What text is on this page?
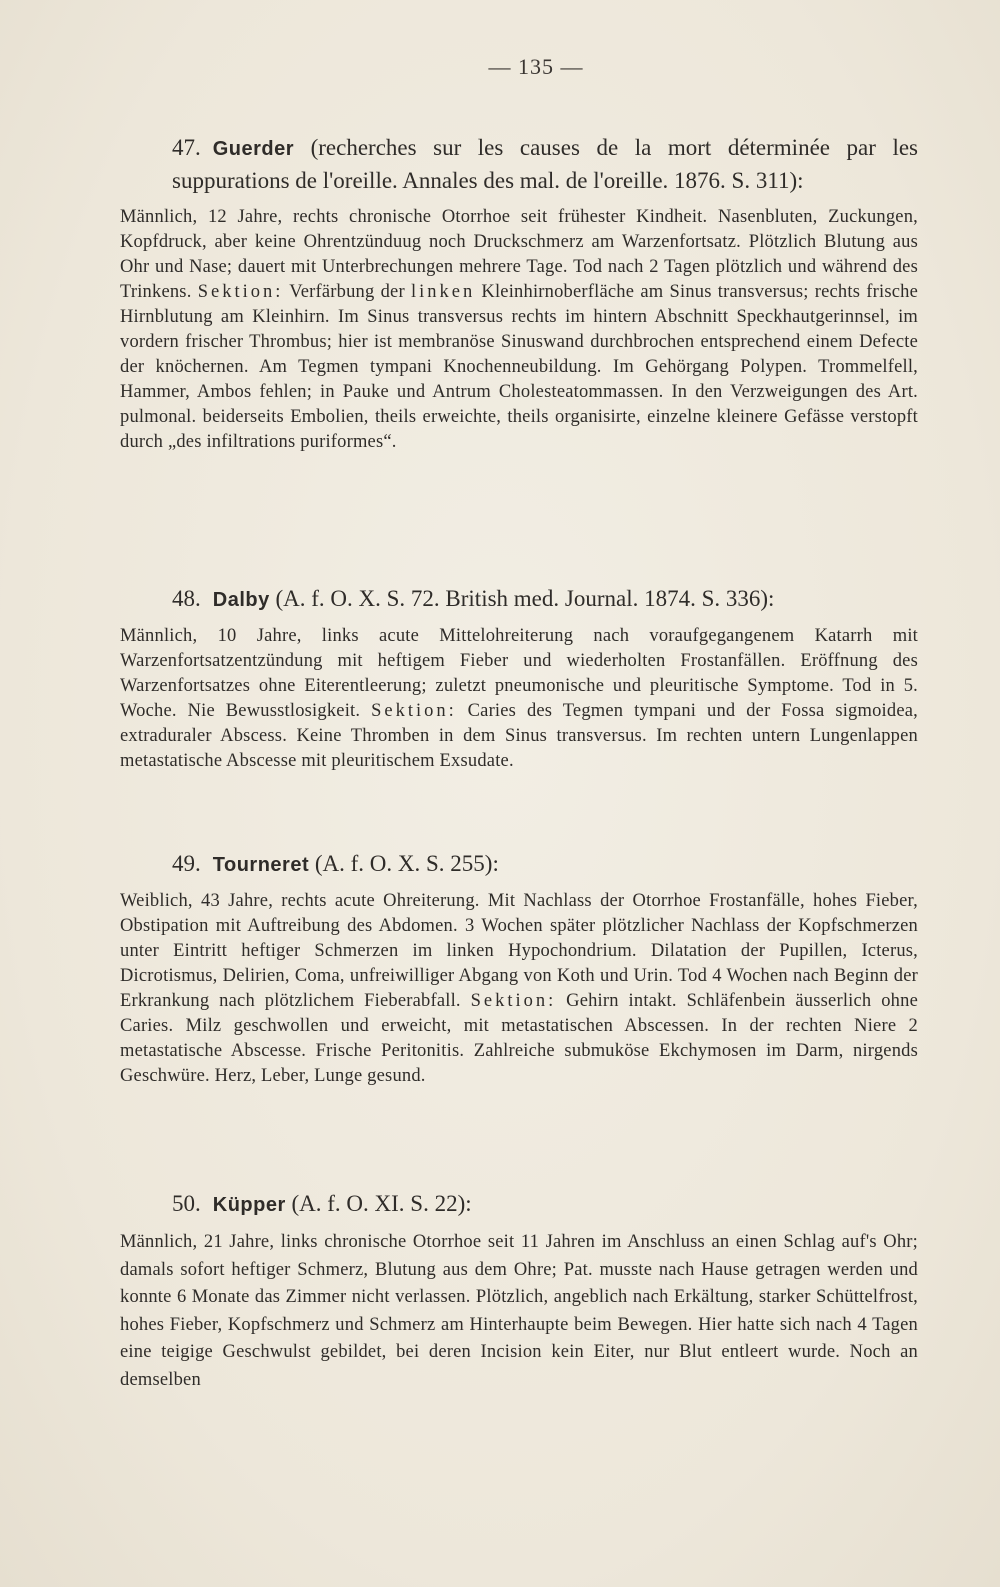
— 135 —
47. Guerder (recherches sur les causes de la mort déterminée par les suppurations de l'oreille. Annales des mal. de l'oreille. 1876. S. 311):

Männlich, 12 Jahre, rechts chronische Otorrhoe seit frühester Kindheit. Nasenbluten, Zuckungen, Kopfdruck, aber keine Ohrentzünduug noch Druckschmerz am Warzenfortsatz. Plötzlich Blutung aus Ohr und Nase; dauert mit Unterbrechungen mehrere Tage. Tod nach 2 Tagen plötzlich und während des Trinkens. Sektion: Verfärbung der linken Kleinhirnoberfläche am Sinus transversus; rechts frische Hirnblutung am Kleinhirn. Im Sinus transversus rechts im hintern Abschnitt Speckhautgerinnsel, im vordern frischer Thrombus; hier ist membranöse Sinuswand durchbrochen entsprechend einem Defecte der knöchernen. Am Tegmen tympani Knochenneubildung. Im Gehörgang Polypen. Trommelfell, Hammer, Ambos fehlen; in Pauke und Antrum Cholesteatommassen. In den Verzweigungen des Art. pulmonal. beiderseits Embolien, theils erweichte, theils organisirte, einzelne kleinere Gefässe verstopft durch „des infiltrations puriformes“.

48. Dalby (A. f. O. X. S. 72. British med. Journal. 1874. S. 336):

Männlich, 10 Jahre, links acute Mittelohreiterung nach voraufgegangenem Katarrh mit Warzenfortsatzentzündung mit heftigem Fieber und wiederholten Frostanfällen. Eröffnung des Warzenfortsatzes ohne Eiterentleerung; zuletzt pneumonische und pleuritische Symptome. Tod in 5. Woche. Nie Bewusstlosigkeit. Sektion: Caries des Tegmen tympani und der Fossa sigmoidea, extraduraler Abscess. Keine Thromben in dem Sinus transversus. Im rechten untern Lungenlappen metastatische Abscesse mit pleuritischem Exsudate.

49. Tourneret (A. f. O. X. S. 255):

Weiblich, 43 Jahre, rechts acute Ohreiterung. Mit Nachlass der Otorrhoe Frostanfälle, hohes Fieber, Obstipation mit Auftreibung des Abdomen. 3 Wochen später plötzlicher Nachlass der Kopfschmerzen unter Eintritt heftiger Schmerzen im linken Hypochondrium. Dilatation der Pupillen, Icterus, Dicrotismus, Delirien, Coma, unfreiwilliger Abgang von Koth und Urin. Tod 4 Wochen nach Beginn der Erkrankung nach plötzlichem Fieberabfall. Sektion: Gehirn intakt. Schläfenbein äusserlich ohne Caries. Milz geschwollen und erweicht, mit metastatischen Abscessen. In der rechten Niere 2 metastatische Abscesse. Frische Peritonitis. Zahlreiche submuköse Ekchymosen im Darm, nirgends Geschwüre. Herz, Leber, Lunge gesund.

50. Küpper (A. f. O. XI. S. 22):

Männlich, 21 Jahre, links chronische Otorrhoe seit 11 Jahren im Anschluss an einen Schlag auf's Ohr; damals sofort heftiger Schmerz, Blutung aus dem Ohre; Pat. musste nach Hause getragen werden und konnte 6 Monate das Zimmer nicht verlassen. Plötzlich, angeblich nach Erkältung, starker Schüttelfrost, hohes Fieber, Kopfschmerz und Schmerz am Hinterhaupte beim Bewegen. Hier hatte sich nach 4 Tagen eine teigige Geschwulst gebildet, bei deren Incision kein Eiter, nur Blut entleert wurde. Noch an demselben
